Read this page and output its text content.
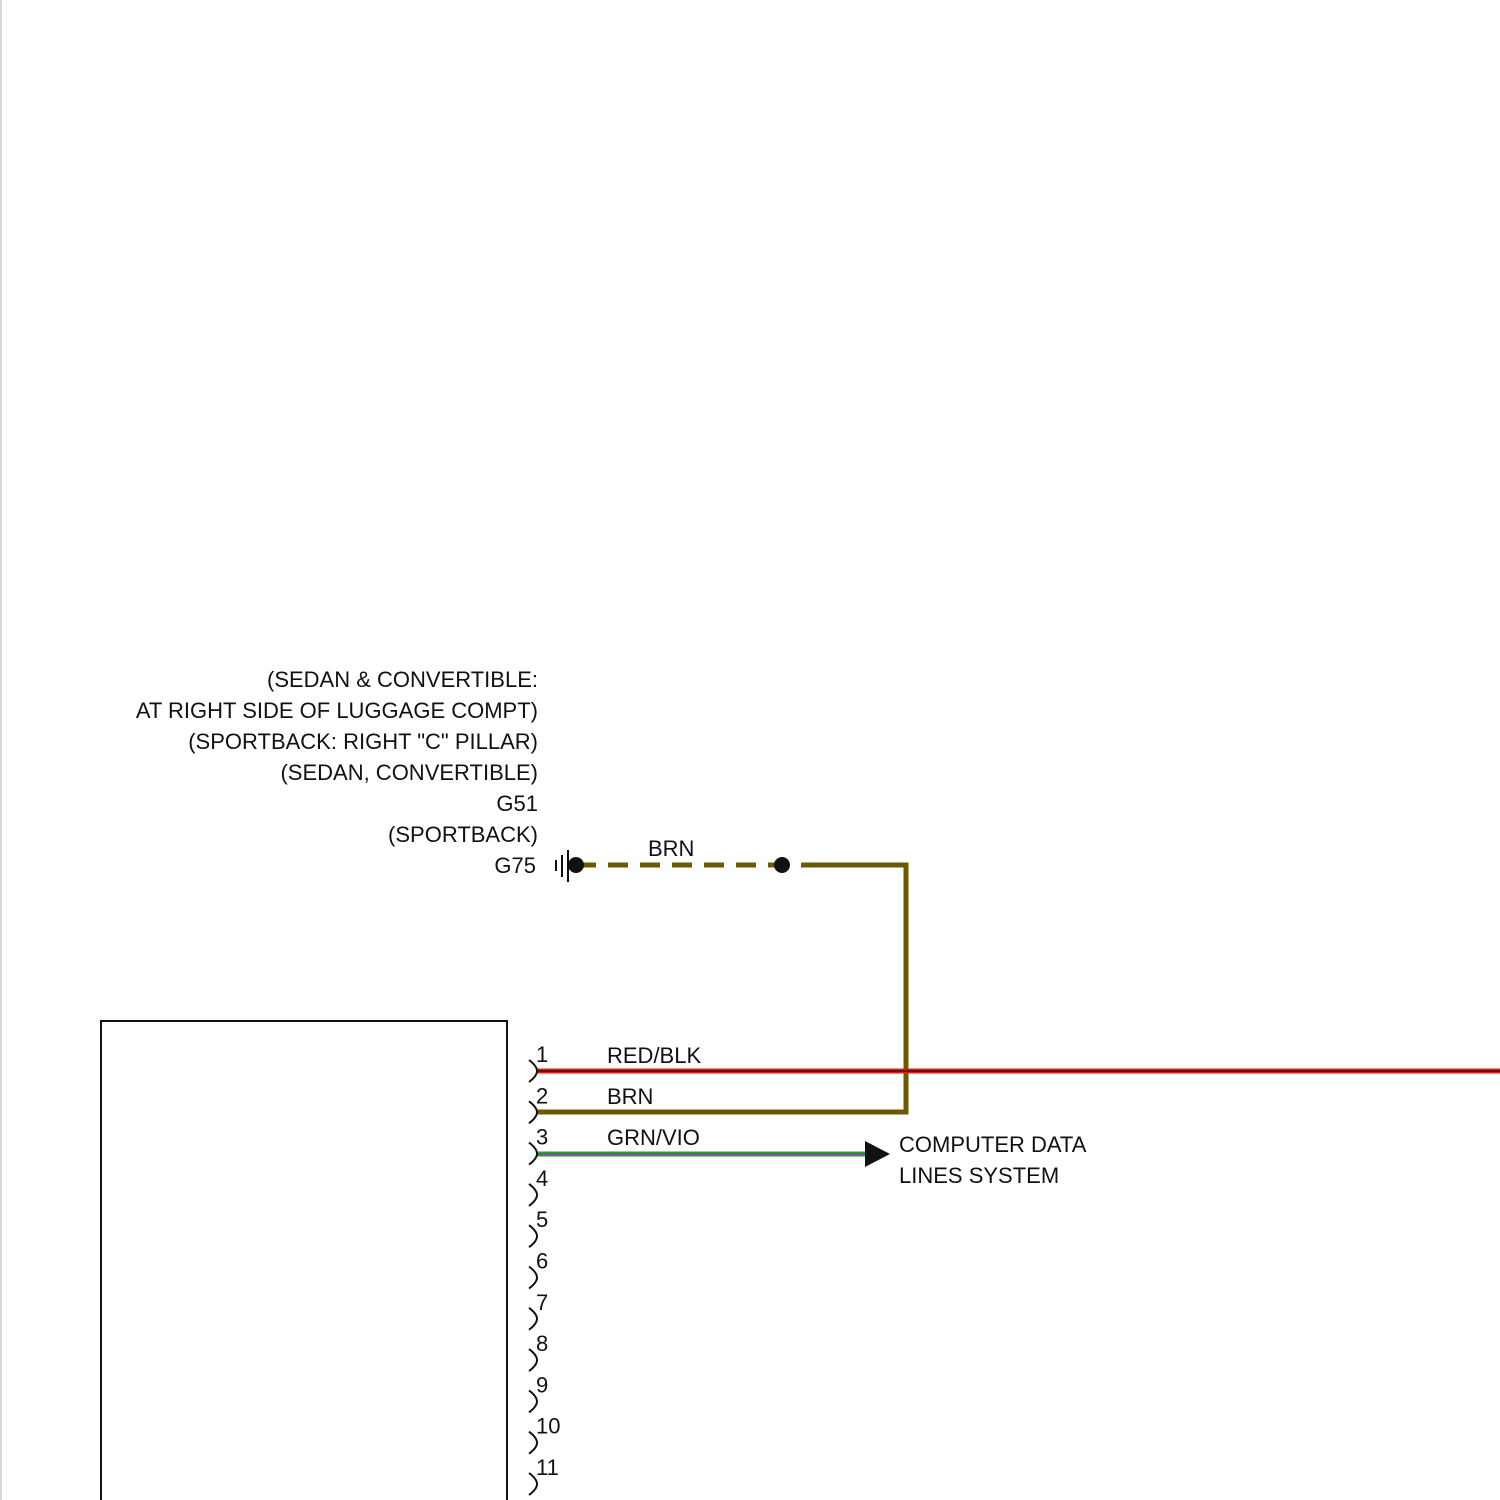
(SEDAN & CONVERTIBLE:
AT RIGHT SIDE OF LUGGAGE COMPT)
(SPORTBACK: RIGHT "C" PILLAR)
(SEDAN, CONVERTIBLE)
G51
(SPORTBACK)
G75
BRN
RED/BLK
BRN
GRN/VIO	COMPUTER DATA
LINES SYSTEM
1
2
3
4
5
6
7
8
9
10
11
